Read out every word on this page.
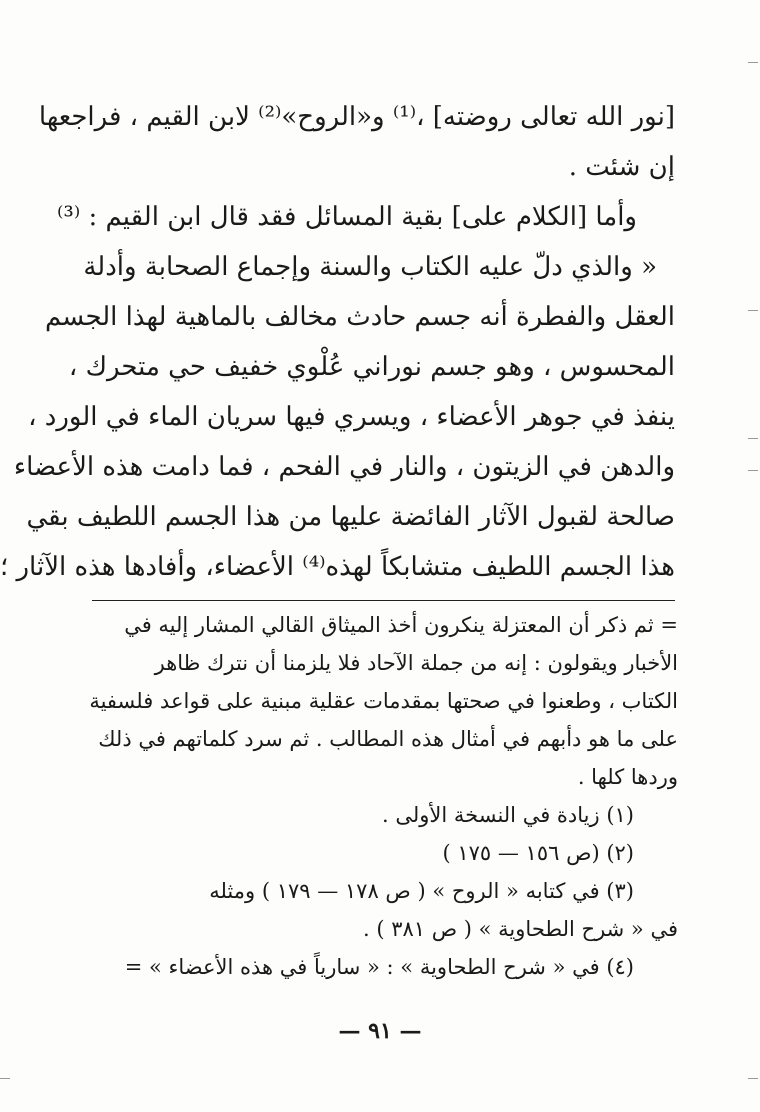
[نور الله تعالى روضته] ،⁽¹⁾ و«الروح»⁽²⁾ لابن القيم ، فراجعها
إن شئت .
وأما [الكلام على] بقية المسائل فقد قال ابن القيم : ⁽³⁾
« والذي دلّ عليه الكتاب والسنة وإجماع الصحابة وأدلة
العقل والفطرة أنه جسم حادث مخالف بالماهية لهذا الجسم
المحسوس ، وهو جسم نوراني عُلْوي خفيف حي متحرك ،
ينفذ في جوهر الأعضاء ، ويسري فيها سريان الماء في الورد ،
والدهن في الزيتون ، والنار في الفحم ، فما دامت هذه الأعضاء
صالحة لقبول الآثار الفائضة عليها من هذا الجسم اللطيف بقي
هذا الجسم اللطيف متشابكاً لهذه⁽⁴⁾ الأعضاء، وأفادها هذه الآثار ؛
= ثم ذكر أن المعتزلة ينكرون أخذ الميثاق القالي المشار إليه في
الأخبار ويقولون : إنه من جملة الآحاد فلا يلزمنا أن نترك ظاهر
الكتاب ، وطعنوا في صحتها بمقدمات عقلية مبنية على قواعد فلسفية
على ما هو دأبهم في أمثال هذه المطالب . ثم سرد كلماتهم في ذلك
وردها كلها .
(١) زيادة في النسخة الأولى .
(٢) (ص ١٥٦ — ١٧٥ )
(٣) في كتابه « الروح » ( ص ١٧٨ — ١٧٩ ) ومثله
في « شرح الطحاوية » ( ص ٣٨١ ) .
(٤) في « شرح الطحاوية » : « سارياً في هذه الأعضاء » =
— ٩١ —
